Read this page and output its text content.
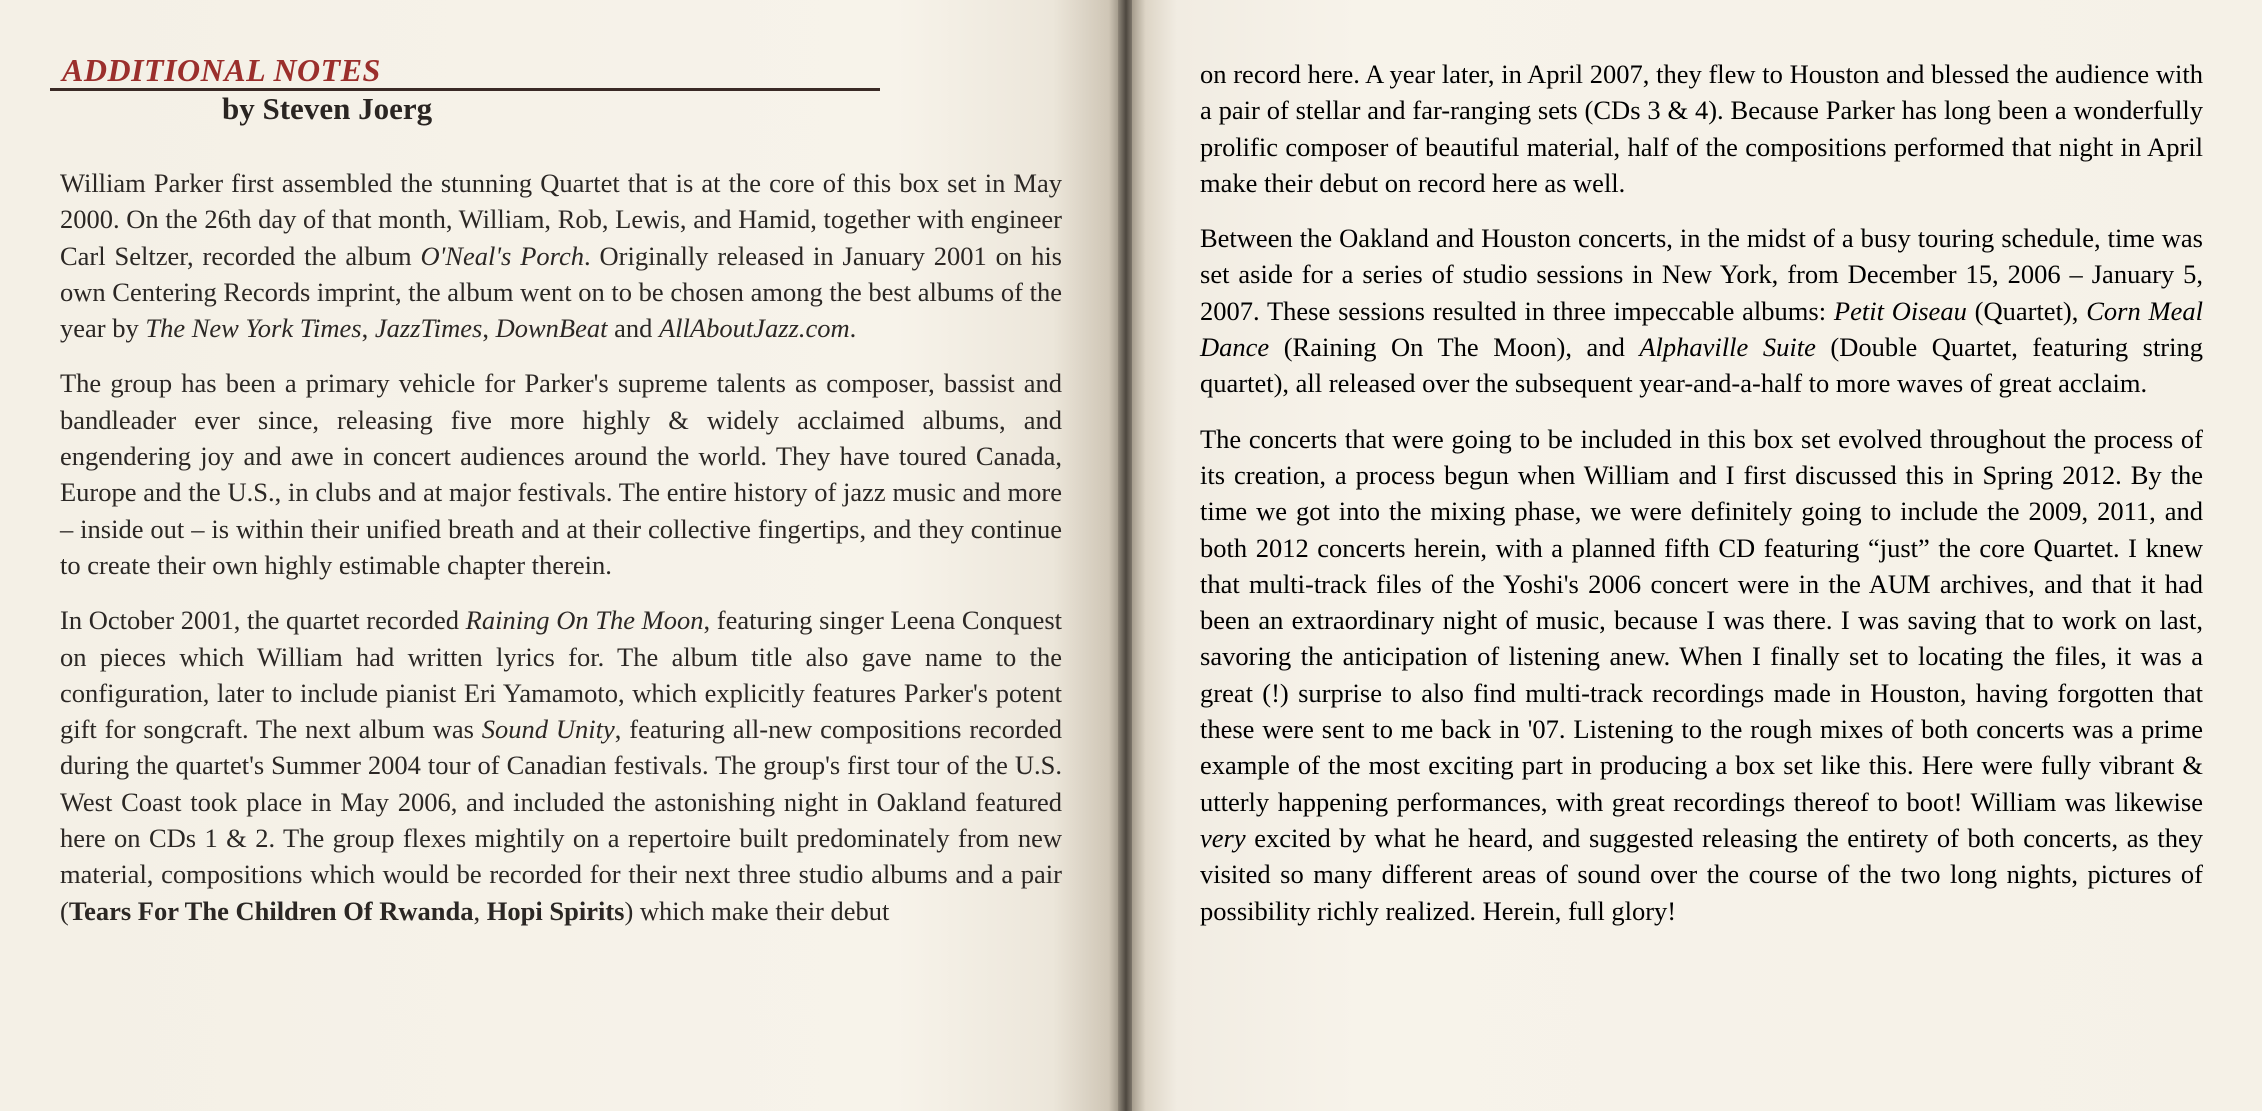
ADDITIONAL NOTES
by Steven Joerg

William Parker first assembled the stunning Quartet that is at the core of this box set in May 2000. On the 26th day of that month, William, Rob, Lewis, and Hamid, together with engineer Carl Seltzer, recorded the album O'Neal's Porch. Originally released in January 2001 on his own Centering Records imprint, the album went on to be chosen among the best albums of the year by The New York Times, JazzTimes, DownBeat and AllAboutJazz.com.

The group has been a primary vehicle for Parker's supreme talents as composer, bassist and bandleader ever since, releasing five more highly & widely acclaimed albums, and engendering joy and awe in concert audiences around the world. They have toured Canada, Europe and the U.S., in clubs and at major festivals. The entire history of jazz music and more – inside out – is within their unified breath and at their collective fingertips, and they continue to create their own highly estimable chapter therein.

In October 2001, the quartet recorded Raining On The Moon, featuring singer Leena Conquest on pieces which William had written lyrics for. The album title also gave name to the configuration, later to include pianist Eri Yamamoto, which explicitly features Parker's potent gift for songcraft. The next album was Sound Unity, featuring all-new compositions recorded during the quartet's Summer 2004 tour of Canadian festivals. The group's first tour of the U.S. West Coast took place in May 2006, and included the astonishing night in Oakland featured here on CDs 1 & 2. The group flexes mightily on a repertoire built predominately from new material, compositions which would be recorded for their next three studio albums and a pair (Tears For The Children Of Rwanda, Hopi Spirits) which make their debut

on record here. A year later, in April 2007, they flew to Houston and blessed the audience with a pair of stellar and far-ranging sets (CDs 3 & 4). Because Parker has long been a wonderfully prolific composer of beautiful material, half of the compositions performed that night in April make their debut on record here as well.

Between the Oakland and Houston concerts, in the midst of a busy touring schedule, time was set aside for a series of studio sessions in New York, from December 15, 2006 – January 5, 2007. These sessions resulted in three impeccable albums: Petit Oiseau (Quartet), Corn Meal Dance (Raining On The Moon), and Alphaville Suite (Double Quartet, featuring string quartet), all released over the subsequent year-and-a-half to more waves of great acclaim.

The concerts that were going to be included in this box set evolved throughout the process of its creation, a process begun when William and I first discussed this in Spring 2012. By the time we got into the mixing phase, we were definitely going to include the 2009, 2011, and both 2012 concerts herein, with a planned fifth CD featuring “just” the core Quartet. I knew that multi-track files of the Yoshi's 2006 concert were in the AUM archives, and that it had been an extraordinary night of music, because I was there. I was saving that to work on last, savoring the anticipation of listening anew. When I finally set to locating the files, it was a great (!) surprise to also find multi-track recordings made in Houston, having forgotten that these were sent to me back in '07. Listening to the rough mixes of both concerts was a prime example of the most exciting part in producing a box set like this. Here were fully vibrant & utterly happening performances, with great recordings thereof to boot! William was likewise very excited by what he heard, and suggested releasing the entirety of both concerts, as they visited so many different areas of sound over the course of the two long nights, pictures of possibility richly realized. Herein, full glory!
